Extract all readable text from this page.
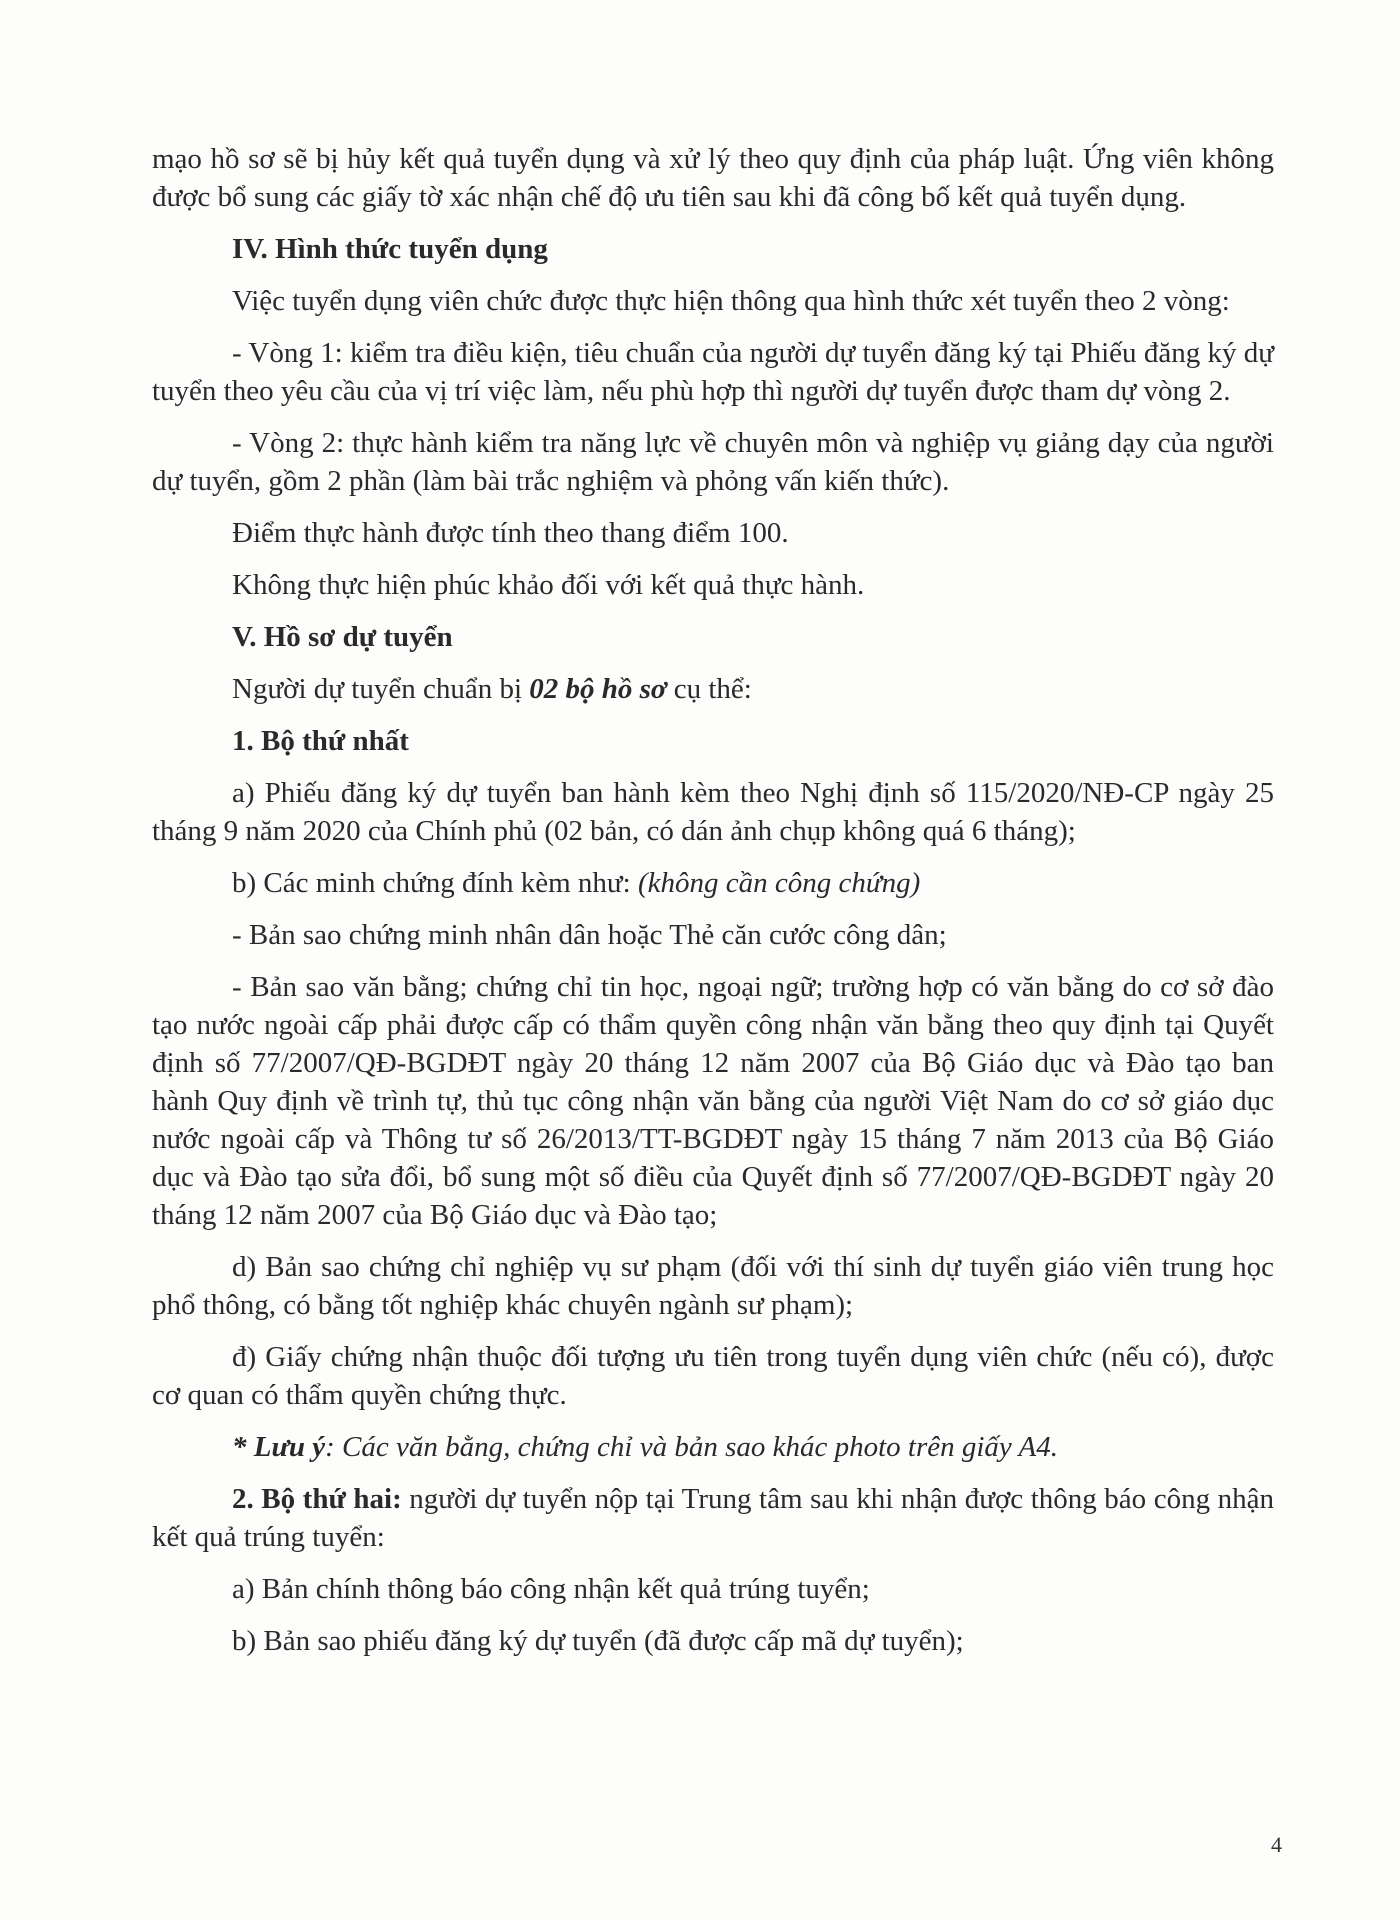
mạo hồ sơ sẽ bị hủy kết quả tuyển dụng và xử lý theo quy định của pháp luật. Ứng viên không được bổ sung các giấy tờ xác nhận chế độ ưu tiên sau khi đã công bố kết quả tuyển dụng.

IV. Hình thức tuyển dụng

Việc tuyển dụng viên chức được thực hiện thông qua hình thức xét tuyển theo 2 vòng:

- Vòng 1: kiểm tra điều kiện, tiêu chuẩn của người dự tuyển đăng ký tại Phiếu đăng ký dự tuyển theo yêu cầu của vị trí việc làm, nếu phù hợp thì người dự tuyển được tham dự vòng 2.

- Vòng 2: thực hành kiểm tra năng lực về chuyên môn và nghiệp vụ giảng dạy của người dự tuyển, gồm 2 phần (làm bài trắc nghiệm và phỏng vấn kiến thức).

Điểm thực hành được tính theo thang điểm 100.

Không thực hiện phúc khảo đối với kết quả thực hành.

V. Hồ sơ dự tuyển

Người dự tuyển chuẩn bị 02 bộ hồ sơ cụ thể:

1. Bộ thứ nhất

a) Phiếu đăng ký dự tuyển ban hành kèm theo Nghị định số 115/2020/NĐ-CP ngày 25 tháng 9 năm 2020 của Chính phủ (02 bản, có dán ảnh chụp không quá 6 tháng);

b) Các minh chứng đính kèm như: (không cần công chứng)

- Bản sao chứng minh nhân dân hoặc Thẻ căn cước công dân;

- Bản sao văn bằng; chứng chỉ tin học, ngoại ngữ; trường hợp có văn bằng do cơ sở đào tạo nước ngoài cấp phải được cấp có thẩm quyền công nhận văn bằng theo quy định tại Quyết định số 77/2007/QĐ-BGDĐT ngày 20 tháng 12 năm 2007 của Bộ Giáo dục và Đào tạo ban hành Quy định về trình tự, thủ tục công nhận văn bằng của người Việt Nam do cơ sở giáo dục nước ngoài cấp và Thông tư số 26/2013/TT-BGDĐT ngày 15 tháng 7 năm 2013 của Bộ Giáo dục và Đào tạo sửa đổi, bổ sung một số điều của Quyết định số 77/2007/QĐ-BGDĐT ngày 20 tháng 12 năm 2007 của Bộ Giáo dục và Đào tạo;

d) Bản sao chứng chỉ nghiệp vụ sư phạm (đối với thí sinh dự tuyển giáo viên trung học phổ thông, có bằng tốt nghiệp khác chuyên ngành sư phạm);

đ) Giấy chứng nhận thuộc đối tượng ưu tiên trong tuyển dụng viên chức (nếu có), được cơ quan có thẩm quyền chứng thực.

* Lưu ý: Các văn bằng, chứng chỉ và bản sao khác photo trên giấy A4.

2. Bộ thứ hai: người dự tuyển nộp tại Trung tâm sau khi nhận được thông báo công nhận kết quả trúng tuyển:

a) Bản chính thông báo công nhận kết quả trúng tuyển;

b) Bản sao phiếu đăng ký dự tuyển (đã được cấp mã dự tuyển);

4
